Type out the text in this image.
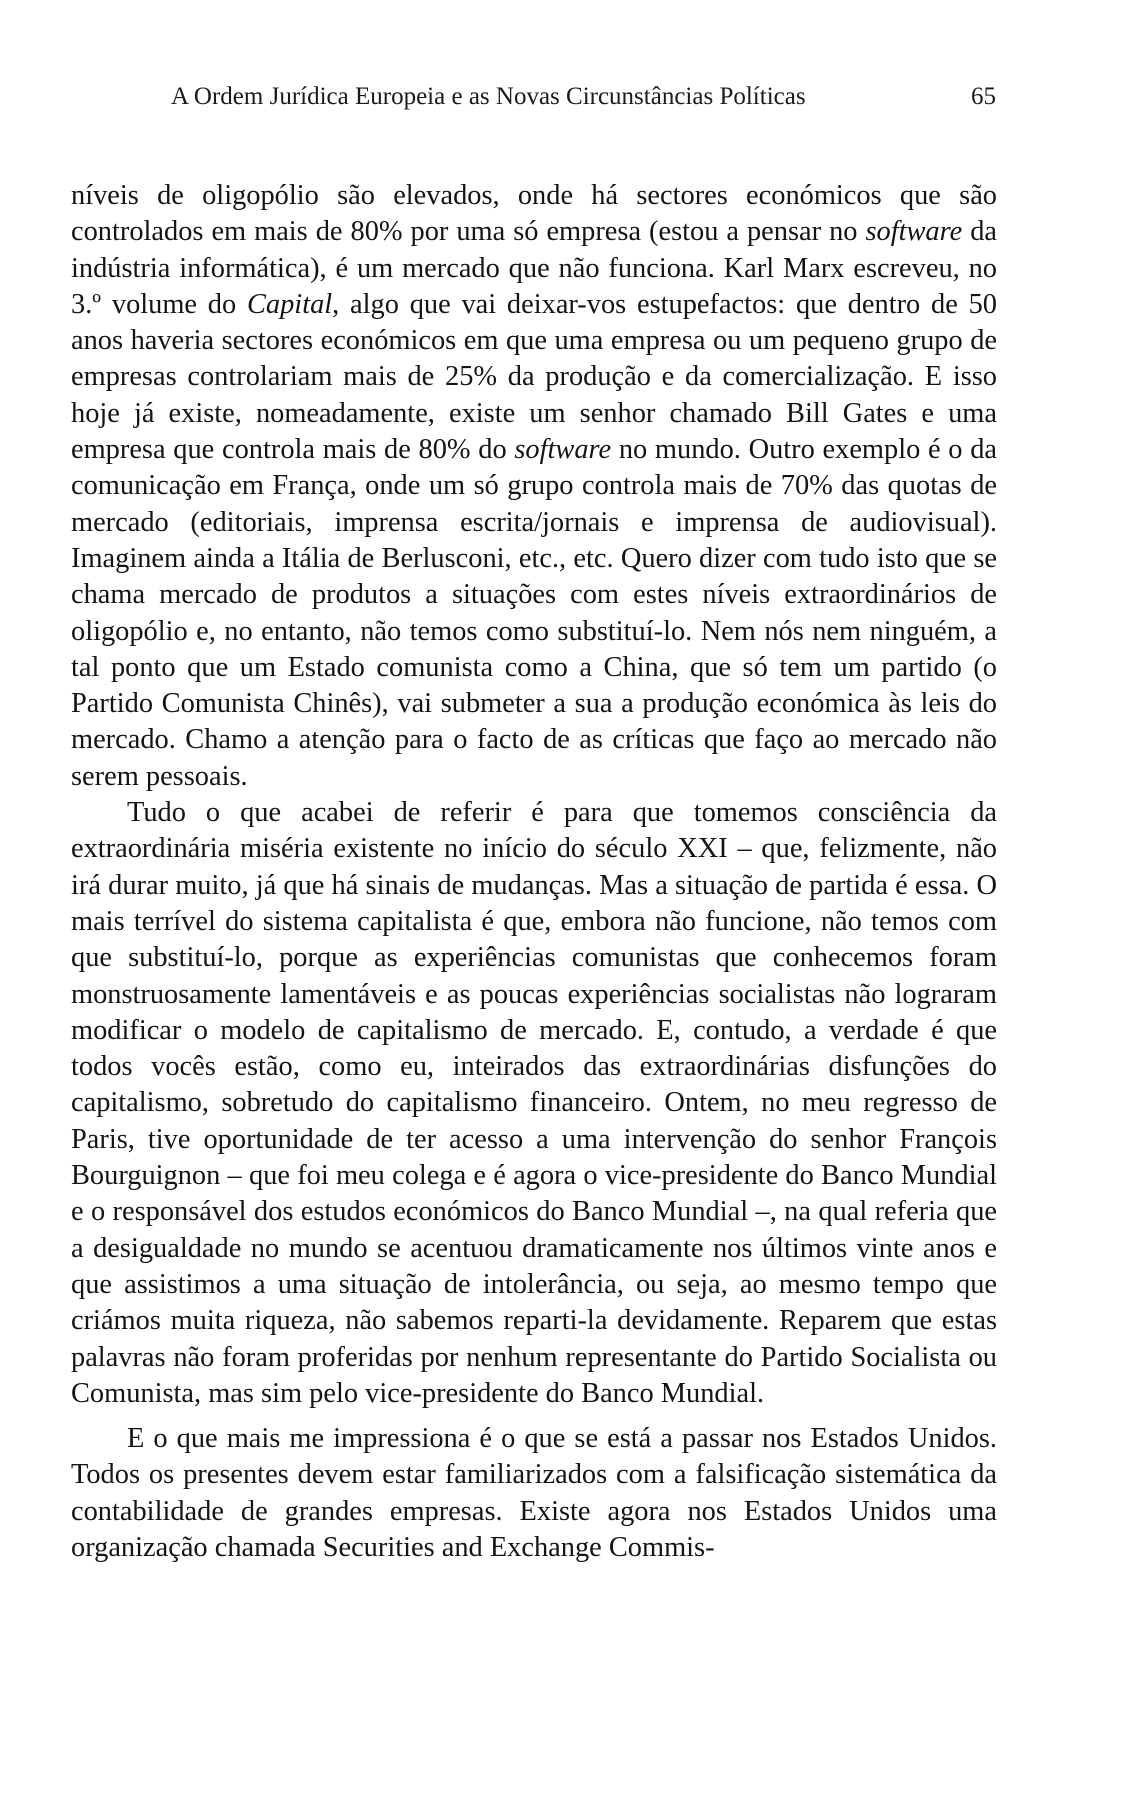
A Ordem Jurídica Europeia e as Novas Circunstâncias Políticas	65

níveis de oligopólio são elevados, onde há sectores económicos que são controlados em mais de 80% por uma só empresa (estou a pensar no software da indústria informática), é um mercado que não funciona. Karl Marx escreveu, no 3.º volume do Capital, algo que vai deixar-vos estupefactos: que dentro de 50 anos haveria sectores económicos em que uma empresa ou um pequeno grupo de empresas controlariam mais de 25% da produção e da comercialização. E isso hoje já existe, nomeadamente, existe um senhor chamado Bill Gates e uma empresa que controla mais de 80% do software no mundo. Outro exemplo é o da comunicação em França, onde um só grupo controla mais de 70% das quotas de mercado (editoriais, imprensa escrita/jornais e imprensa de audiovisual). Imaginem ainda a Itália de Berlusconi, etc., etc. Quero dizer com tudo isto que se chama mercado de produtos a situações com estes níveis extraordinários de oligopólio e, no entanto, não temos como substituí-lo. Nem nós nem ninguém, a tal ponto que um Estado comunista como a China, que só tem um partido (o Partido Comunista Chinês), vai submeter a sua a produção económica às leis do mercado. Chamo a atenção para o facto de as críticas que faço ao mercado não serem pessoais.

Tudo o que acabei de referir é para que tomemos consciência da extraordinária miséria existente no início do século XXI – que, felizmente, não irá durar muito, já que há sinais de mudanças. Mas a situação de partida é essa. O mais terrível do sistema capitalista é que, embora não funcione, não temos com que substituí-lo, porque as experiências comunistas que conhecemos foram monstruosamente lamentáveis e as poucas experiências socialistas não lograram modificar o modelo de capitalismo de mercado. E, contudo, a verdade é que todos vocês estão, como eu, inteirados das extraordinárias disfunções do capitalismo, sobretudo do capitalismo financeiro. Ontem, no meu regresso de Paris, tive oportunidade de ter acesso a uma intervenção do senhor François Bourguignon – que foi meu colega e é agora o vice-presidente do Banco Mundial e o responsável dos estudos económicos do Banco Mundial –, na qual referia que a desigualdade no mundo se acentuou dramaticamente nos últimos vinte anos e que assistimos a uma situação de intolerância, ou seja, ao mesmo tempo que criámos muita riqueza, não sabemos reparti-la devidamente. Reparem que estas palavras não foram proferidas por nenhum representante do Partido Socialista ou Comunista, mas sim pelo vice-presidente do Banco Mundial.

E o que mais me impressiona é o que se está a passar nos Estados Unidos. Todos os presentes devem estar familiarizados com a falsificação sistemática da contabilidade de grandes empresas. Existe agora nos Estados Unidos uma organização chamada Securities and Exchange Commis-
